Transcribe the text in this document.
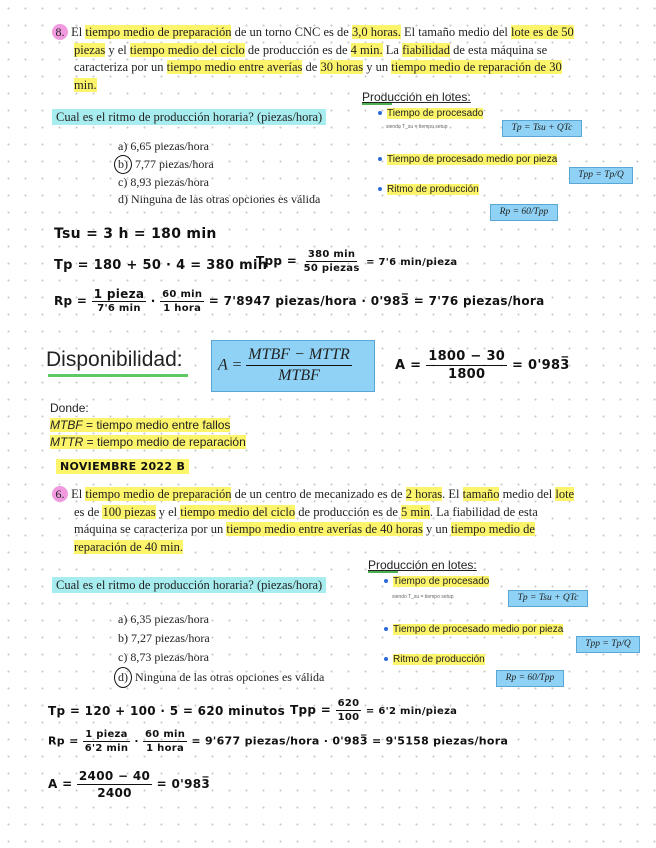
8. El tiempo medio de preparación de un torno CNC es de 3,0 horas. El tamaño medio del lote es de 50
piezas y el tiempo medio del ciclo de producción es de 4 min. La fiabilidad de esta máquina se
caracteriza por un tiempo medio entre averías de 30 horas y un tiempo medio de reparación de 30
min.
Cual es el ritmo de producción horaria? (piezas/hora)
a) 6,65 piezas/hora
b) 7,77 piezas/hora
c) 8,93 piezas/hora
d) Ninguna de las otras opciones es válida
Producción en lotes:
Tiempo de procesado
siendo T_su = tiempo setup	Tp = Tsu + QTc
Tiempo de procesado medio por pieza
Tpp = Tp/Q
Ritmo de producción
Rp = 60/Tpp
Tsu = 3 h = 180 min
Tp = 180 + 50 · 4 = 380 min
Tpp = $\frac{380 \min}{\text{50 piezas}} = 7'6$ min/pieza
$Rp = \frac{\text{1 pieza}}{7'6 \min} \cdot \frac{60 \min}{\text{1 hora}} = 7'8947$ piezas/hora · 0'983̅ = 7'76 piezas/hora
Disponibilidad:	$A = \frac{\text{MTBF − MTTR}}{\text{MTBF}}$	$A = \frac{1800 - 30}{1800}$ = 0'983̅
Donde:
MTBF = tiempo medio entre fallos
MTTR = tiempo medio de reparación
NOVIEMBRE 2022 B
6. El tiempo medio de preparación de un centro de mecanizado es de 2 horas. El tamaño medio del lote
es de 100 piezas y el tiempo medio del ciclo de producción es de 5 min. La fiabilidad de esta
máquina se caracteriza por un tiempo medio entre averías de 40 horas y un tiempo medio de
reparación de 40 min.
Cual es el ritmo de producción horaria? (piezas/hora)
a) 6,35 piezas/hora
b) 7,27 piezas/hora
c) 8,73 piezas/hora
d) Ninguna de las otras opciones es válida
Producción en lotes:
Tiempo de procesado
siendo T_su = tiempo setup	Tp = Tsu + QTc
Tiempo de procesado medio por pieza
Tpp = Tp/Q
Ritmo de producción
Rp = 60/Tpp
Tp = 120 + 100 · 5 = 620 minutos Tpp = $\frac{620}{100} = 6'2$ min/pieza
$Rp = \frac{\text{1 pieza}}{6'2 \min} \cdot \frac{60 \min}{\text{1 hora}} = 9'677$ piezas/hora · 0'983̅ = 9'5158 piezas/hora
$A = \frac{2400 - 40}{2400}$ = 0'983̅
